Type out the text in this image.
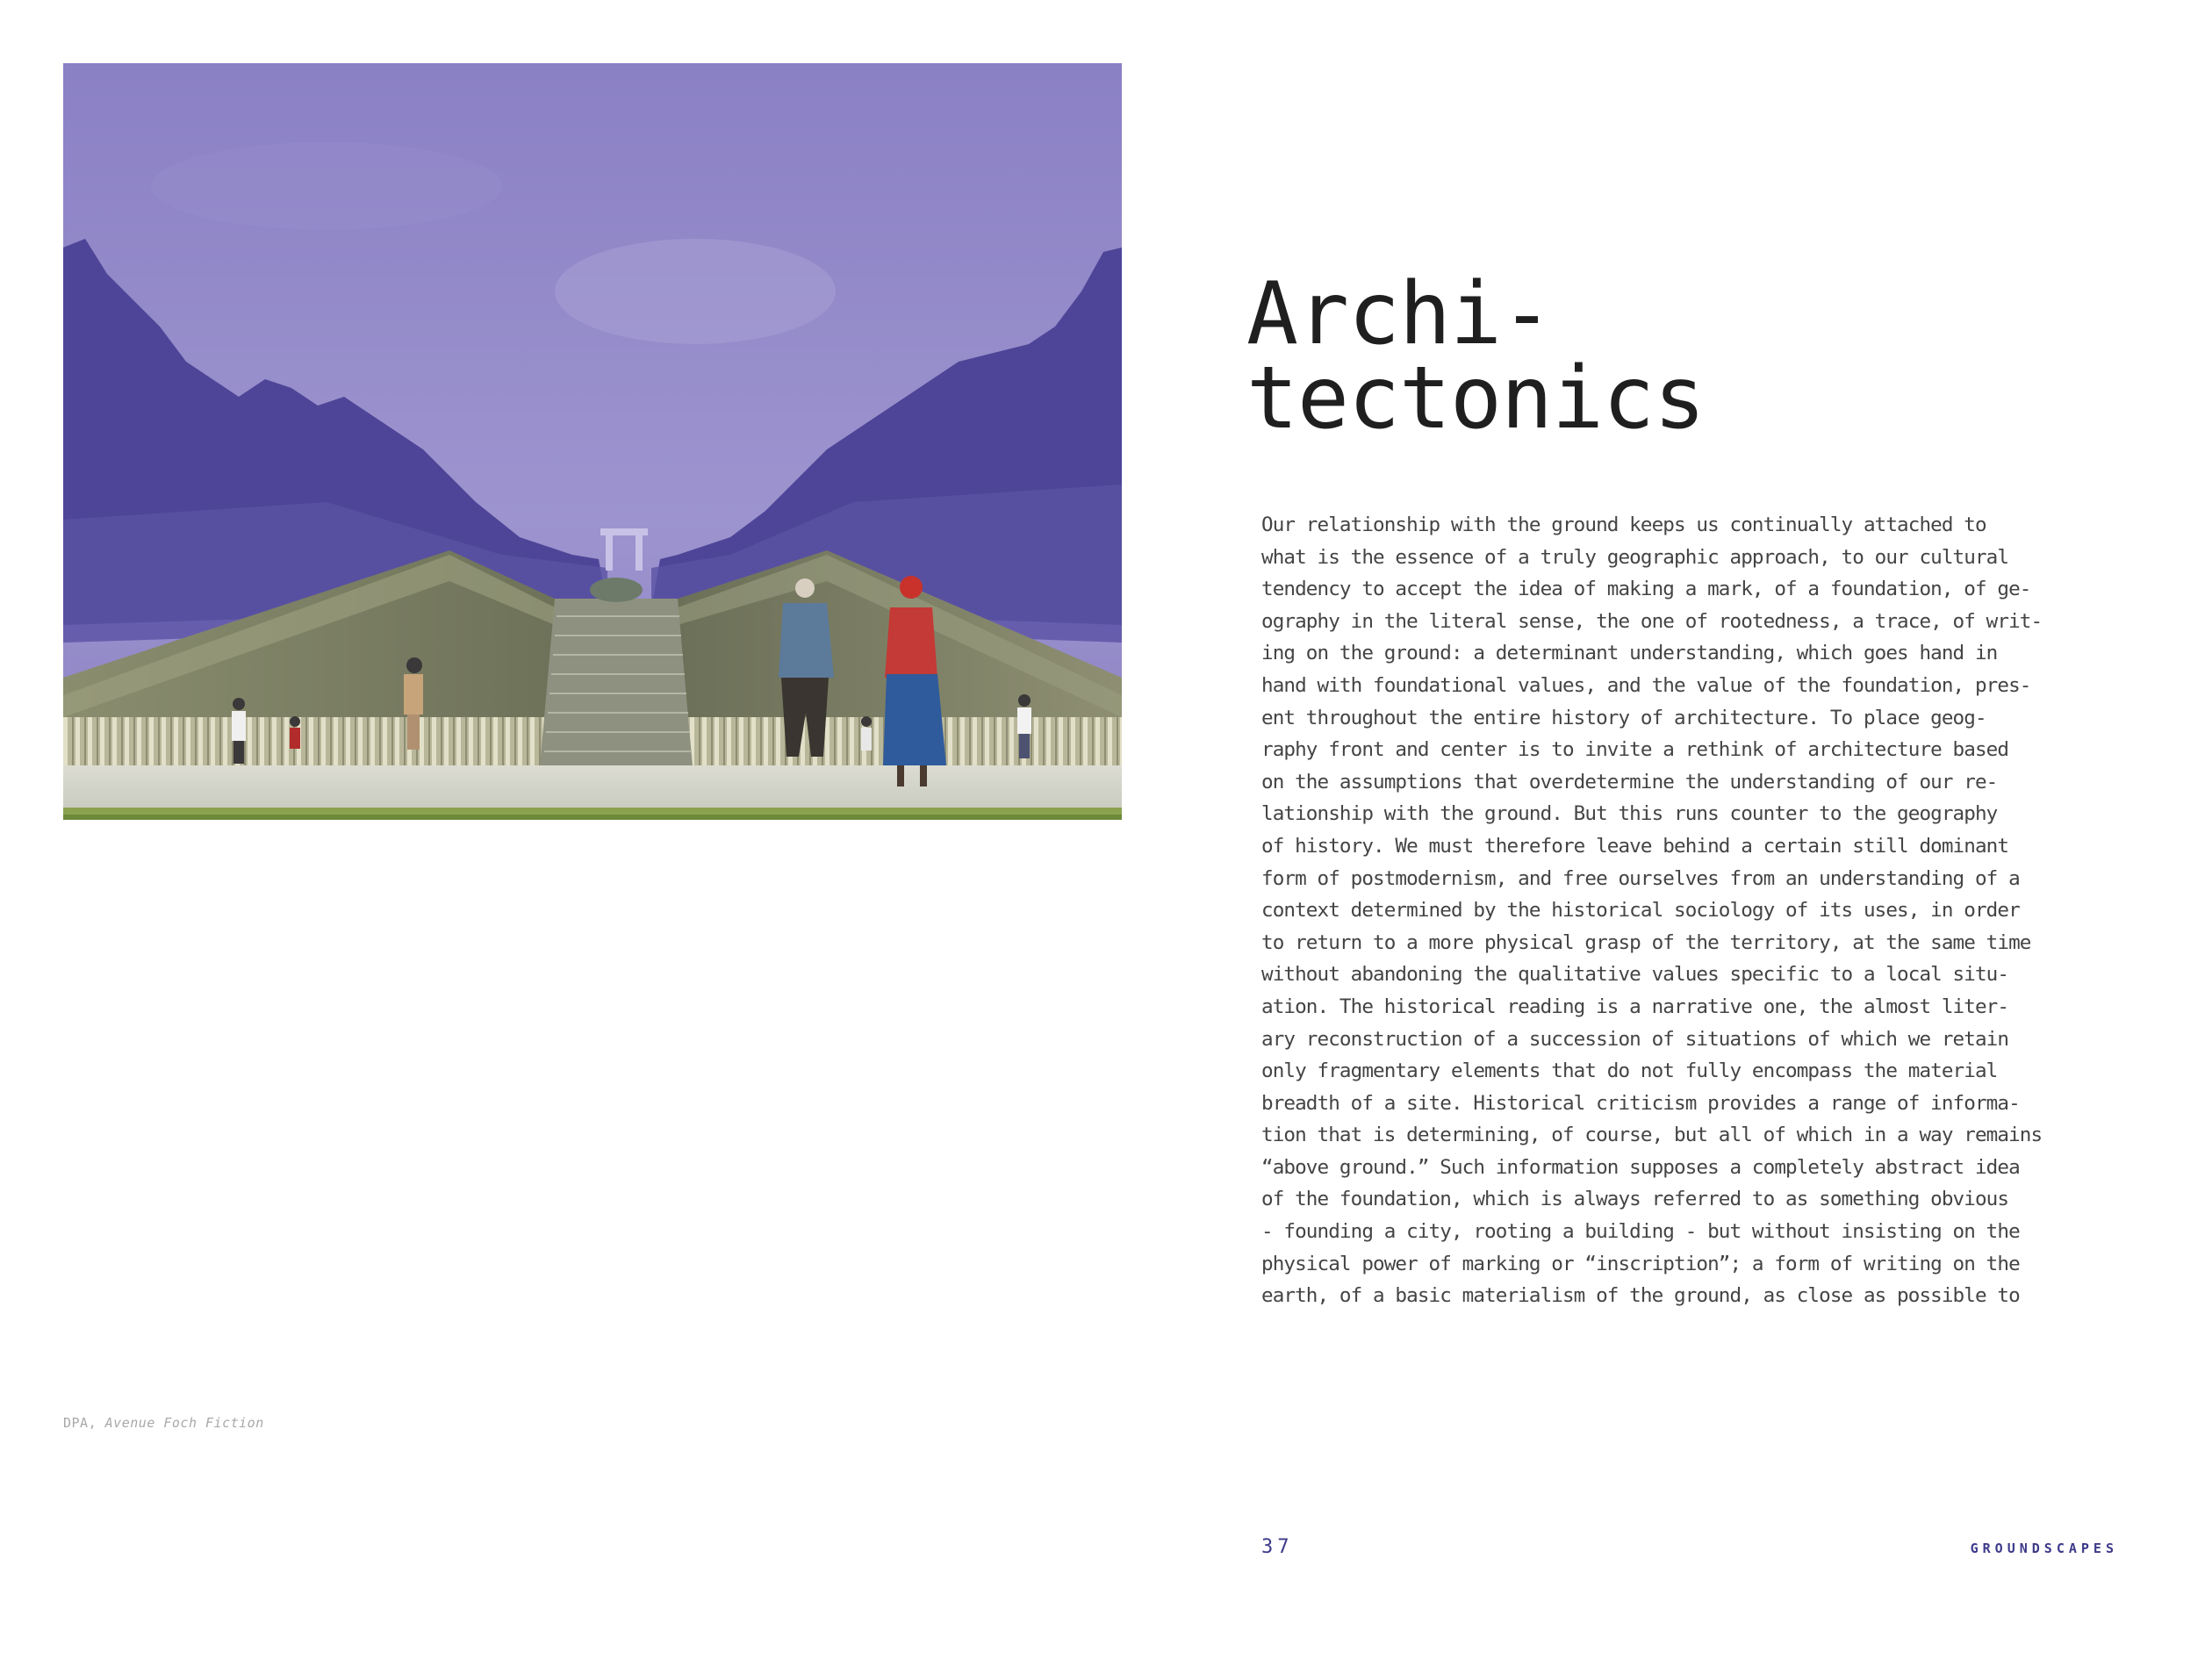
DPA, Avenue Foch Fiction
Archi-
tectonics
Our relationship with the ground keeps us continually attached to
what is the essence of a truly geographic approach, to our cultural
tendency to accept the idea of making a mark, of a foundation, of ge-
ography in the literal sense, the one of rootedness, a trace, of writ-
ing on the ground: a determinant understanding, which goes hand in
hand with foundational values, and the value of the foundation, pres-
ent throughout the entire history of architecture. To place geog-
raphy front and center is to invite a rethink of architecture based
on the assumptions that overdetermine the understanding of our re-
lationship with the ground. But this runs counter to the geography
of history. We must therefore leave behind a certain still dominant
form of postmodernism, and free ourselves from an understanding of a
context determined by the historical sociology of its uses, in order
to return to a more physical grasp of the territory, at the same time
without abandoning the qualitative values specific to a local situ-
ation. The historical reading is a narrative one, the almost liter-
ary reconstruction of a succession of situations of which we retain
only fragmentary elements that do not fully encompass the material
breadth of a site. Historical criticism provides a range of informa-
tion that is determining, of course, but all of which in a way remains
“above ground.” Such information supposes a completely abstract idea
of the foundation, which is always referred to as something obvious
- founding a city, rooting a building - but without insisting on the
physical power of marking or “inscription”; a form of writing on the
earth, of a basic materialism of the ground, as close as possible to
37	GROUNDSCAPES
